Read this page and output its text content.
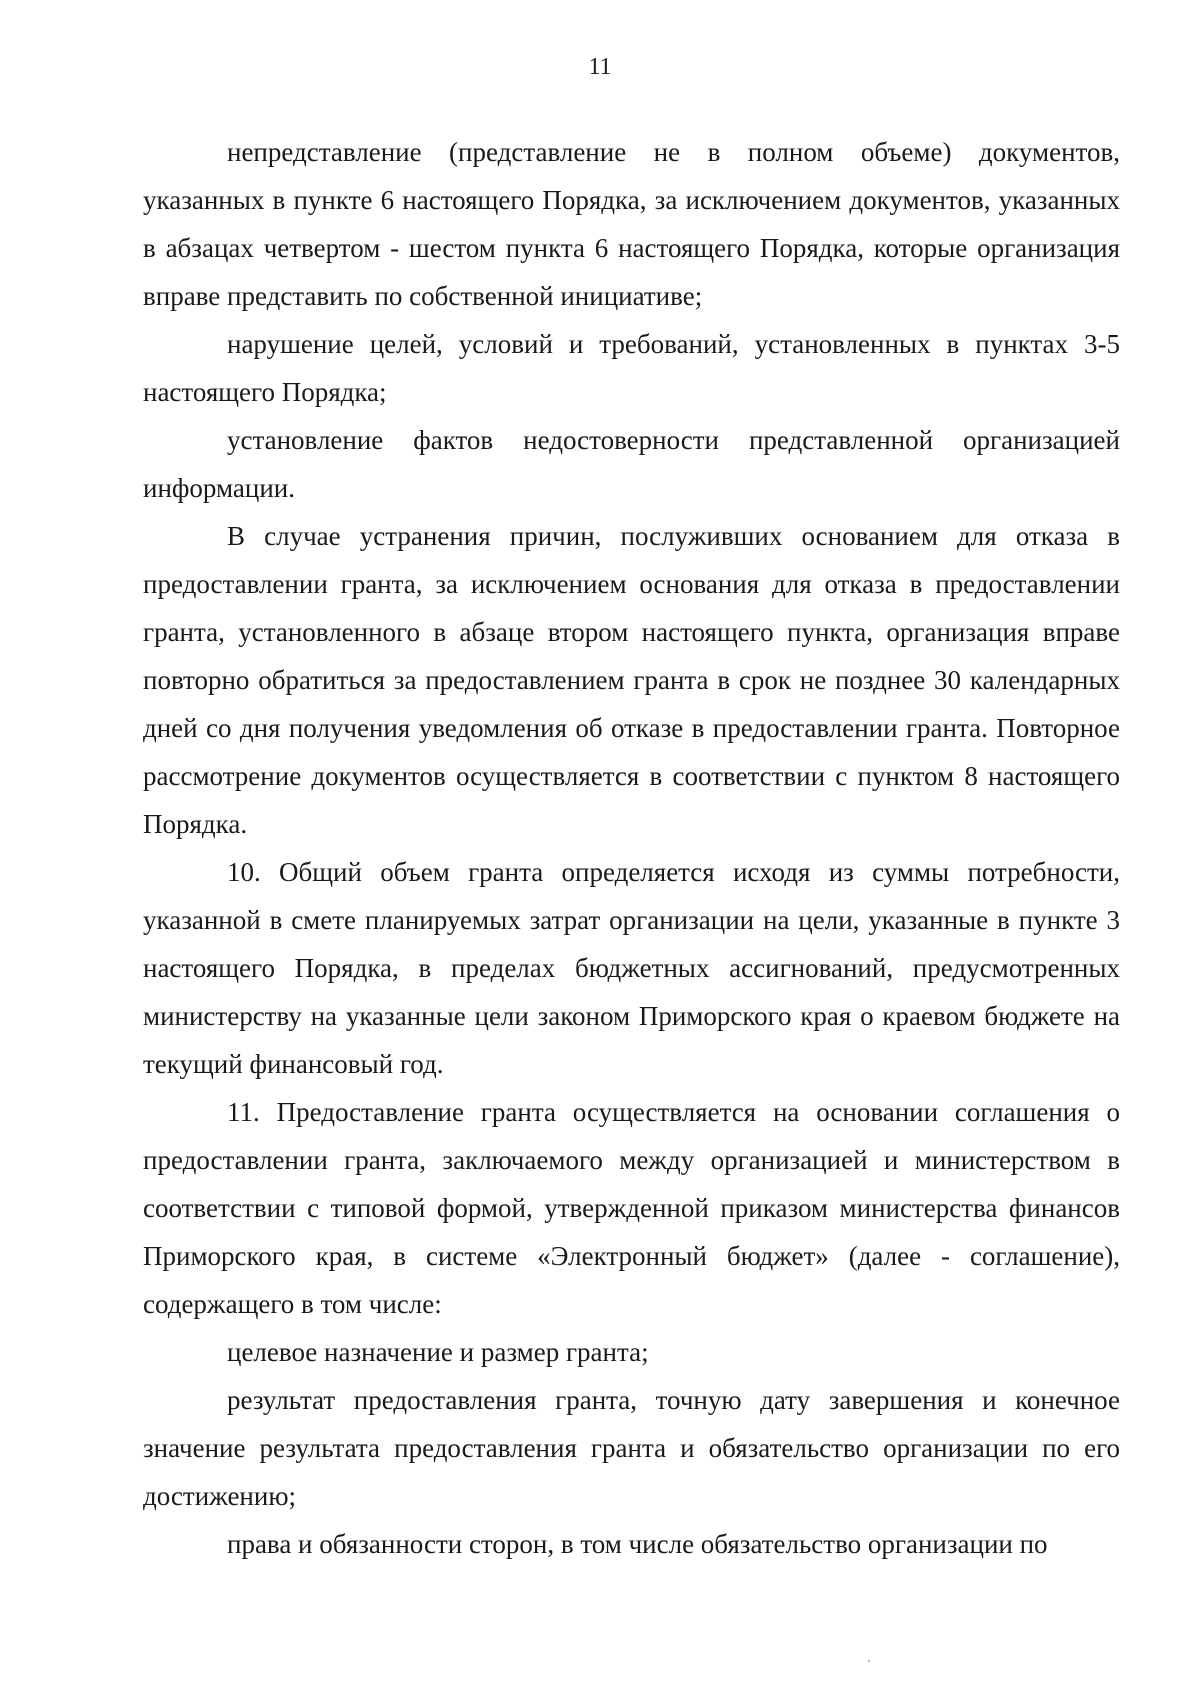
11

непредставление (представление не в полном объеме) документов, указанных в пункте 6 настоящего Порядка, за исключением документов, указанных в абзацах четвертом - шестом пункта 6 настоящего Порядка, которые организация вправе представить по собственной инициативе;

нарушение целей, условий и требований, установленных в пунктах 3-5 настоящего Порядка;

установление фактов недостоверности представленной организацией информации.

В случае устранения причин, послуживших основанием для отказа в предоставлении гранта, за исключением основания для отказа в предоставлении гранта, установленного в абзаце втором настоящего пункта, организация вправе повторно обратиться за предоставлением гранта в срок не позднее 30 календарных дней со дня получения уведомления об отказе в предоставлении гранта. Повторное рассмотрение документов осуществляется в соответствии с пунктом 8 настоящего Порядка.

10. Общий объем гранта определяется исходя из суммы потребности, указанной в смете планируемых затрат организации на цели, указанные в пункте 3 настоящего Порядка, в пределах бюджетных ассигнований, предусмотренных министерству на указанные цели законом Приморского края о краевом бюджете на текущий финансовый год.

11. Предоставление гранта осуществляется на основании соглашения о предоставлении гранта, заключаемого между организацией и министерством в соответствии с типовой формой, утвержденной приказом министерства финансов Приморского края, в системе «Электронный бюджет» (далее - соглашение), содержащего в том числе:

целевое назначение и размер гранта;

результат предоставления гранта, точную дату завершения и конечное значение результата предоставления гранта и обязательство организации по его достижению;

права и обязанности сторон, в том числе обязательство организации по
